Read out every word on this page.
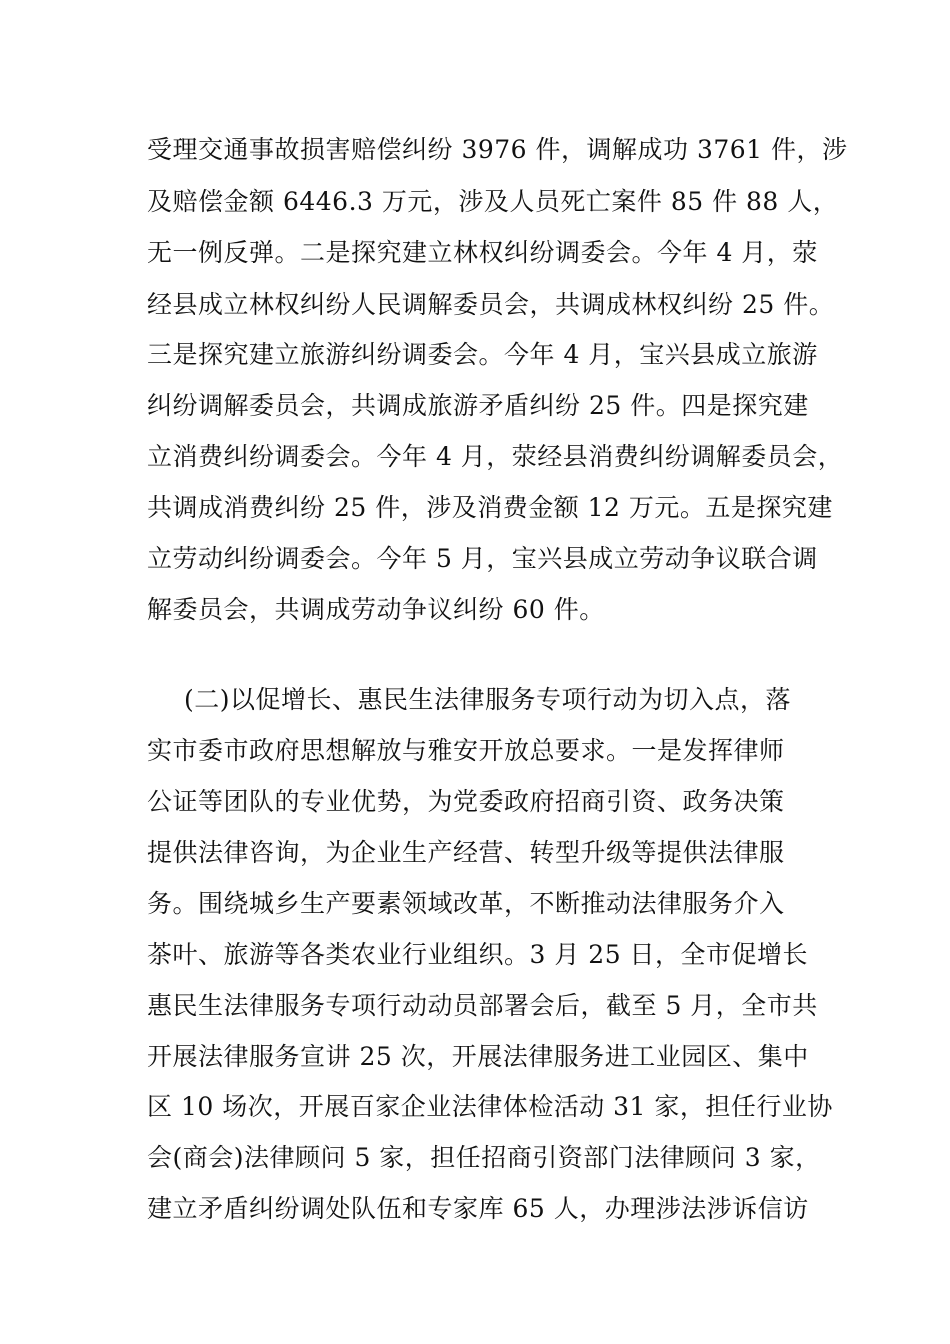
受理交通事故损害赔偿纠纷 3976 件，调解成功 3761 件，涉
及赔偿金额 6446.3 万元，涉及人员死亡案件 85 件 88 人，
无一例反弹。二是探究建立林权纠纷调委会。今年 4 月，荥
经县成立林权纠纷人民调解委员会，共调成林权纠纷 25 件。
三是探究建立旅游纠纷调委会。今年 4 月，宝兴县成立旅游
纠纷调解委员会，共调成旅游矛盾纠纷 25 件。四是探究建
立消费纠纷调委会。今年 4 月，荥经县消费纠纷调解委员会，
共调成消费纠纷 25 件，涉及消费金额 12 万元。五是探究建
立劳动纠纷调委会。今年 5 月，宝兴县成立劳动争议联合调
解委员会，共调成劳动争议纠纷 60 件。
(二)以促增长、惠民生法律服务专项行动为切入点，落
实市委市政府思想解放与雅安开放总要求。一是发挥律师
公证等团队的专业优势，为党委政府招商引资、政务决策
提供法律咨询，为企业生产经营、转型升级等提供法律服
务。围绕城乡生产要素领域改革，不断推动法律服务介入
茶叶、旅游等各类农业行业组织。3 月 25 日，全市促增长
惠民生法律服务专项行动动员部署会后，截至 5 月，全市共
开展法律服务宣讲 25 次，开展法律服务进工业园区、集中
区 10 场次，开展百家企业法律体检活动 31 家，担任行业协
会(商会)法律顾问 5 家，担任招商引资部门法律顾问 3 家，
建立矛盾纠纷调处队伍和专家库 65 人，办理涉法涉诉信访
